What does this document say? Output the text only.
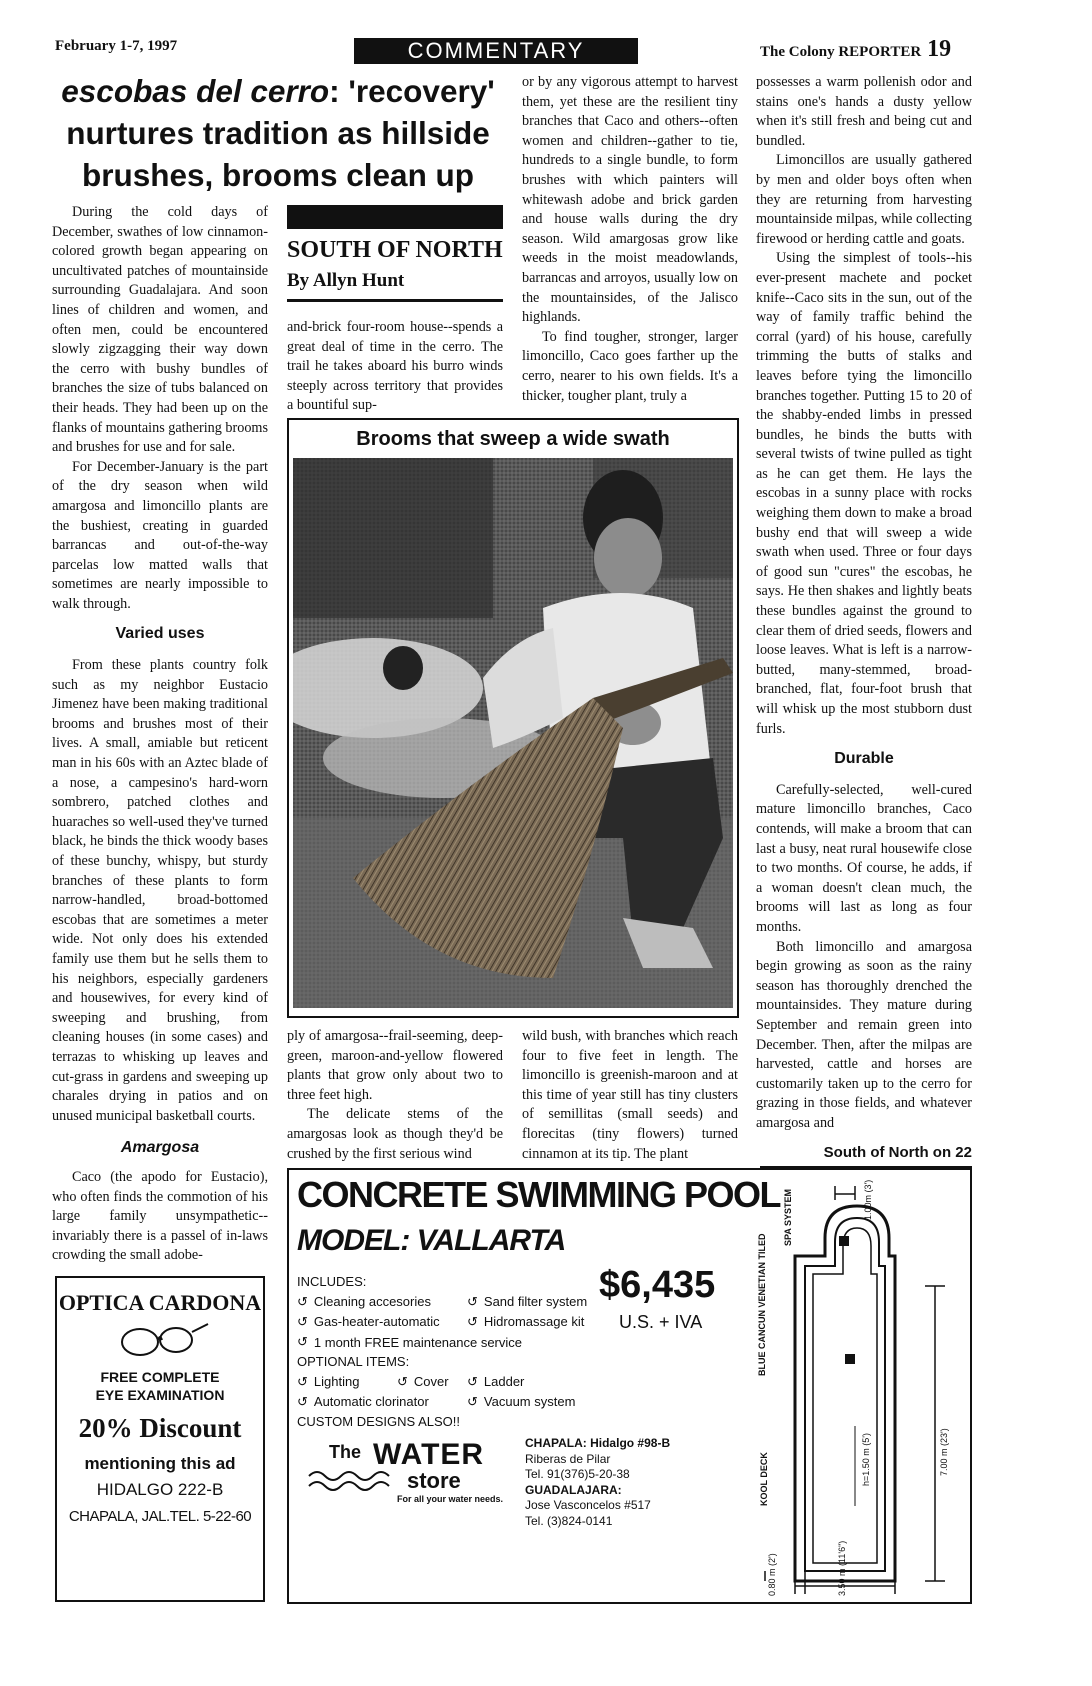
February 1-7, 1997	COMMENTARY	The Colony REPORTER 19
escobas del cerro: 'recovery' nurtures tradition as hillside brushes, brooms clean up

During the cold days of December, swathes of low cinnamon-colored growth began appearing on uncultivated patches of mountainside surrounding Guadalajara. And soon lines of children and women, and often men, could be encountered slowly zigzagging their way down the cerro with bushy bundles of branches the size of tubs balanced on their heads. They had been up on the flanks of mountains gathering brooms and brushes for use and for sale.

For December-January is the part of the dry season when wild amargosa and limoncillo plants are the bushiest, creating in guarded barrancas and out-of-the-way parcelas low matted walls that sometimes are nearly impossible to walk through.

Varied uses

From these plants country folk such as my neighbor Eustacio Jimenez have been making traditional brooms and brushes most of their lives. A small, amiable but reticent man in his 60s with an Aztec blade of a nose, a campesino's hard-worn sombrero, patched clothes and huaraches so well-used they've turned black, he binds the thick woody bases of these bunchy, whispy, but sturdy branches of these plants to form narrow-handled, broad-bottomed escobas that are sometimes a meter wide. Not only does his extended family use them but he sells them to his neighbors, especially gardeners and housewives, for every kind of sweeping and brushing, from cleaning houses (in some cases) and terrazas to whisking up leaves and cut-grass in gardens and sweeping up charales drying in patios and on unused municipal basketball courts.

Amargosa

Caco (the apodo for Eustacio), who often finds the commotion of his large family unsympathetic--invariably there is a passel of in-laws crowding the small adobe-

SOUTH OF NORTH
By Allyn Hunt

and-brick four-room house--spends a great deal of time in the cerro. The trail he takes aboard his burro winds steeply across territory that provides a bountiful sup-

or by any vigorous attempt to harvest them, yet these are the resilient tiny branches that Caco and others--often women and children--gather to tie, hundreds to a single bundle, to form brushes with which painters will whitewash adobe and brick garden and house walls during the dry season. Wild amargosas grow like weeds in the moist meadowlands, barrancas and arroyos, usually low on the mountainsides, of the Jalisco highlands.

To find tougher, stronger, larger limoncillo, Caco goes farther up the cerro, nearer to his own fields. It's a thicker, tougher plant, truly a

Brooms that sweep a wide swath

ply of amargosa--frail-seeming, deep-green, maroon-and-yellow flowered plants that grow only about two to three feet high.

The delicate stems of the amargosas look as though they'd be crushed by the first serious wind

wild bush, with branches which reach four to five feet in length. The limoncillo is greenish-maroon and at this time of year still has tiny clusters of semillitas (small seeds) and florecitas (tiny flowers) turned cinnamon at its tip. The plant

possesses a warm pollenish odor and stains one's hands a dusty yellow when it's still fresh and being cut and bundled.

Limoncillos are usually gathered by men and older boys often when they are returning from harvesting mountainside milpas, while collecting firewood or herding cattle and goats.

Using the simplest of tools--his ever-present machete and pocket knife--Caco sits in the sun, out of the way of family traffic behind the corral (yard) of his house, carefully trimming the butts of stalks and leaves before tying the limoncillo branches together. Putting 15 to 20 of the shabby-ended limbs in pressed bundles, he binds the butts with several twists of twine pulled as tight as he can get them. He lays the escobas in a sunny place with rocks weighing them down to make a broad bushy end that will sweep a wide swath when used. Three or four days of good sun "cures" the escobas, he says. He then shakes and lightly beats these bundles against the ground to clear them of dried seeds, flowers and loose leaves. What is left is a narrow-butted, many-stemmed, broad-branched, flat, four-foot brush that will whisk up the most stubborn dust furls.

Durable

Carefully-selected, well-cured mature limoncillo branches, Caco contends, will make a broom that can last a busy, neat rural housewife close to two months. Of course, he adds, if a woman doesn't clean much, the brooms will last as long as four months.

Both limoncillo and amargosa begin growing as soon as the rainy season has thoroughly drenched the mountainsides. They mature during September and remain green into December. Then, after the milpas are harvested, cattle and horses are customarily taken up to the cerro for grazing in those fields, and whatever amargosa and

South of North on 22
OPTICA CARDONA
FREE COMPLETE
EYE EXAMINATION
20% Discount
mentioning this ad
HIDALGO 222-B
CHAPALA, JAL.TEL. 5-22-60
CONCRETE SWIMMING POOL
MODEL: VALLARTA
INCLUDES:
↺ Cleaning accesories	↺ Sand filter system
↺ Gas-heater-automatic ↺ Hidromassage kit
↺ 1 month FREE maintenance service
OPTIONAL ITEMS:
↺ Lighting	↺ Cover ↺ Ladder
↺ Automatic clorinator	↺ Vacuum system
CUSTOM DESIGNS ALSO!!
$6,435
U.S. + IVA
The WATER
store
For all your water needs.
CHAPALA: Hidalgo #98-B
Riberas de Pilar
Tel. 91(376)5-20-38
GUADALAJARA:
Jose Vasconcelos #517
Tel. (3)824-0141
SPA SYSTEM
BLUE CANCUN VENETIAN TILED
KOOL DECK
1.00m (3')
h=1.50 m (5')	7.00 m (23')
0.80 m (2')	3.50 m (11'6")
